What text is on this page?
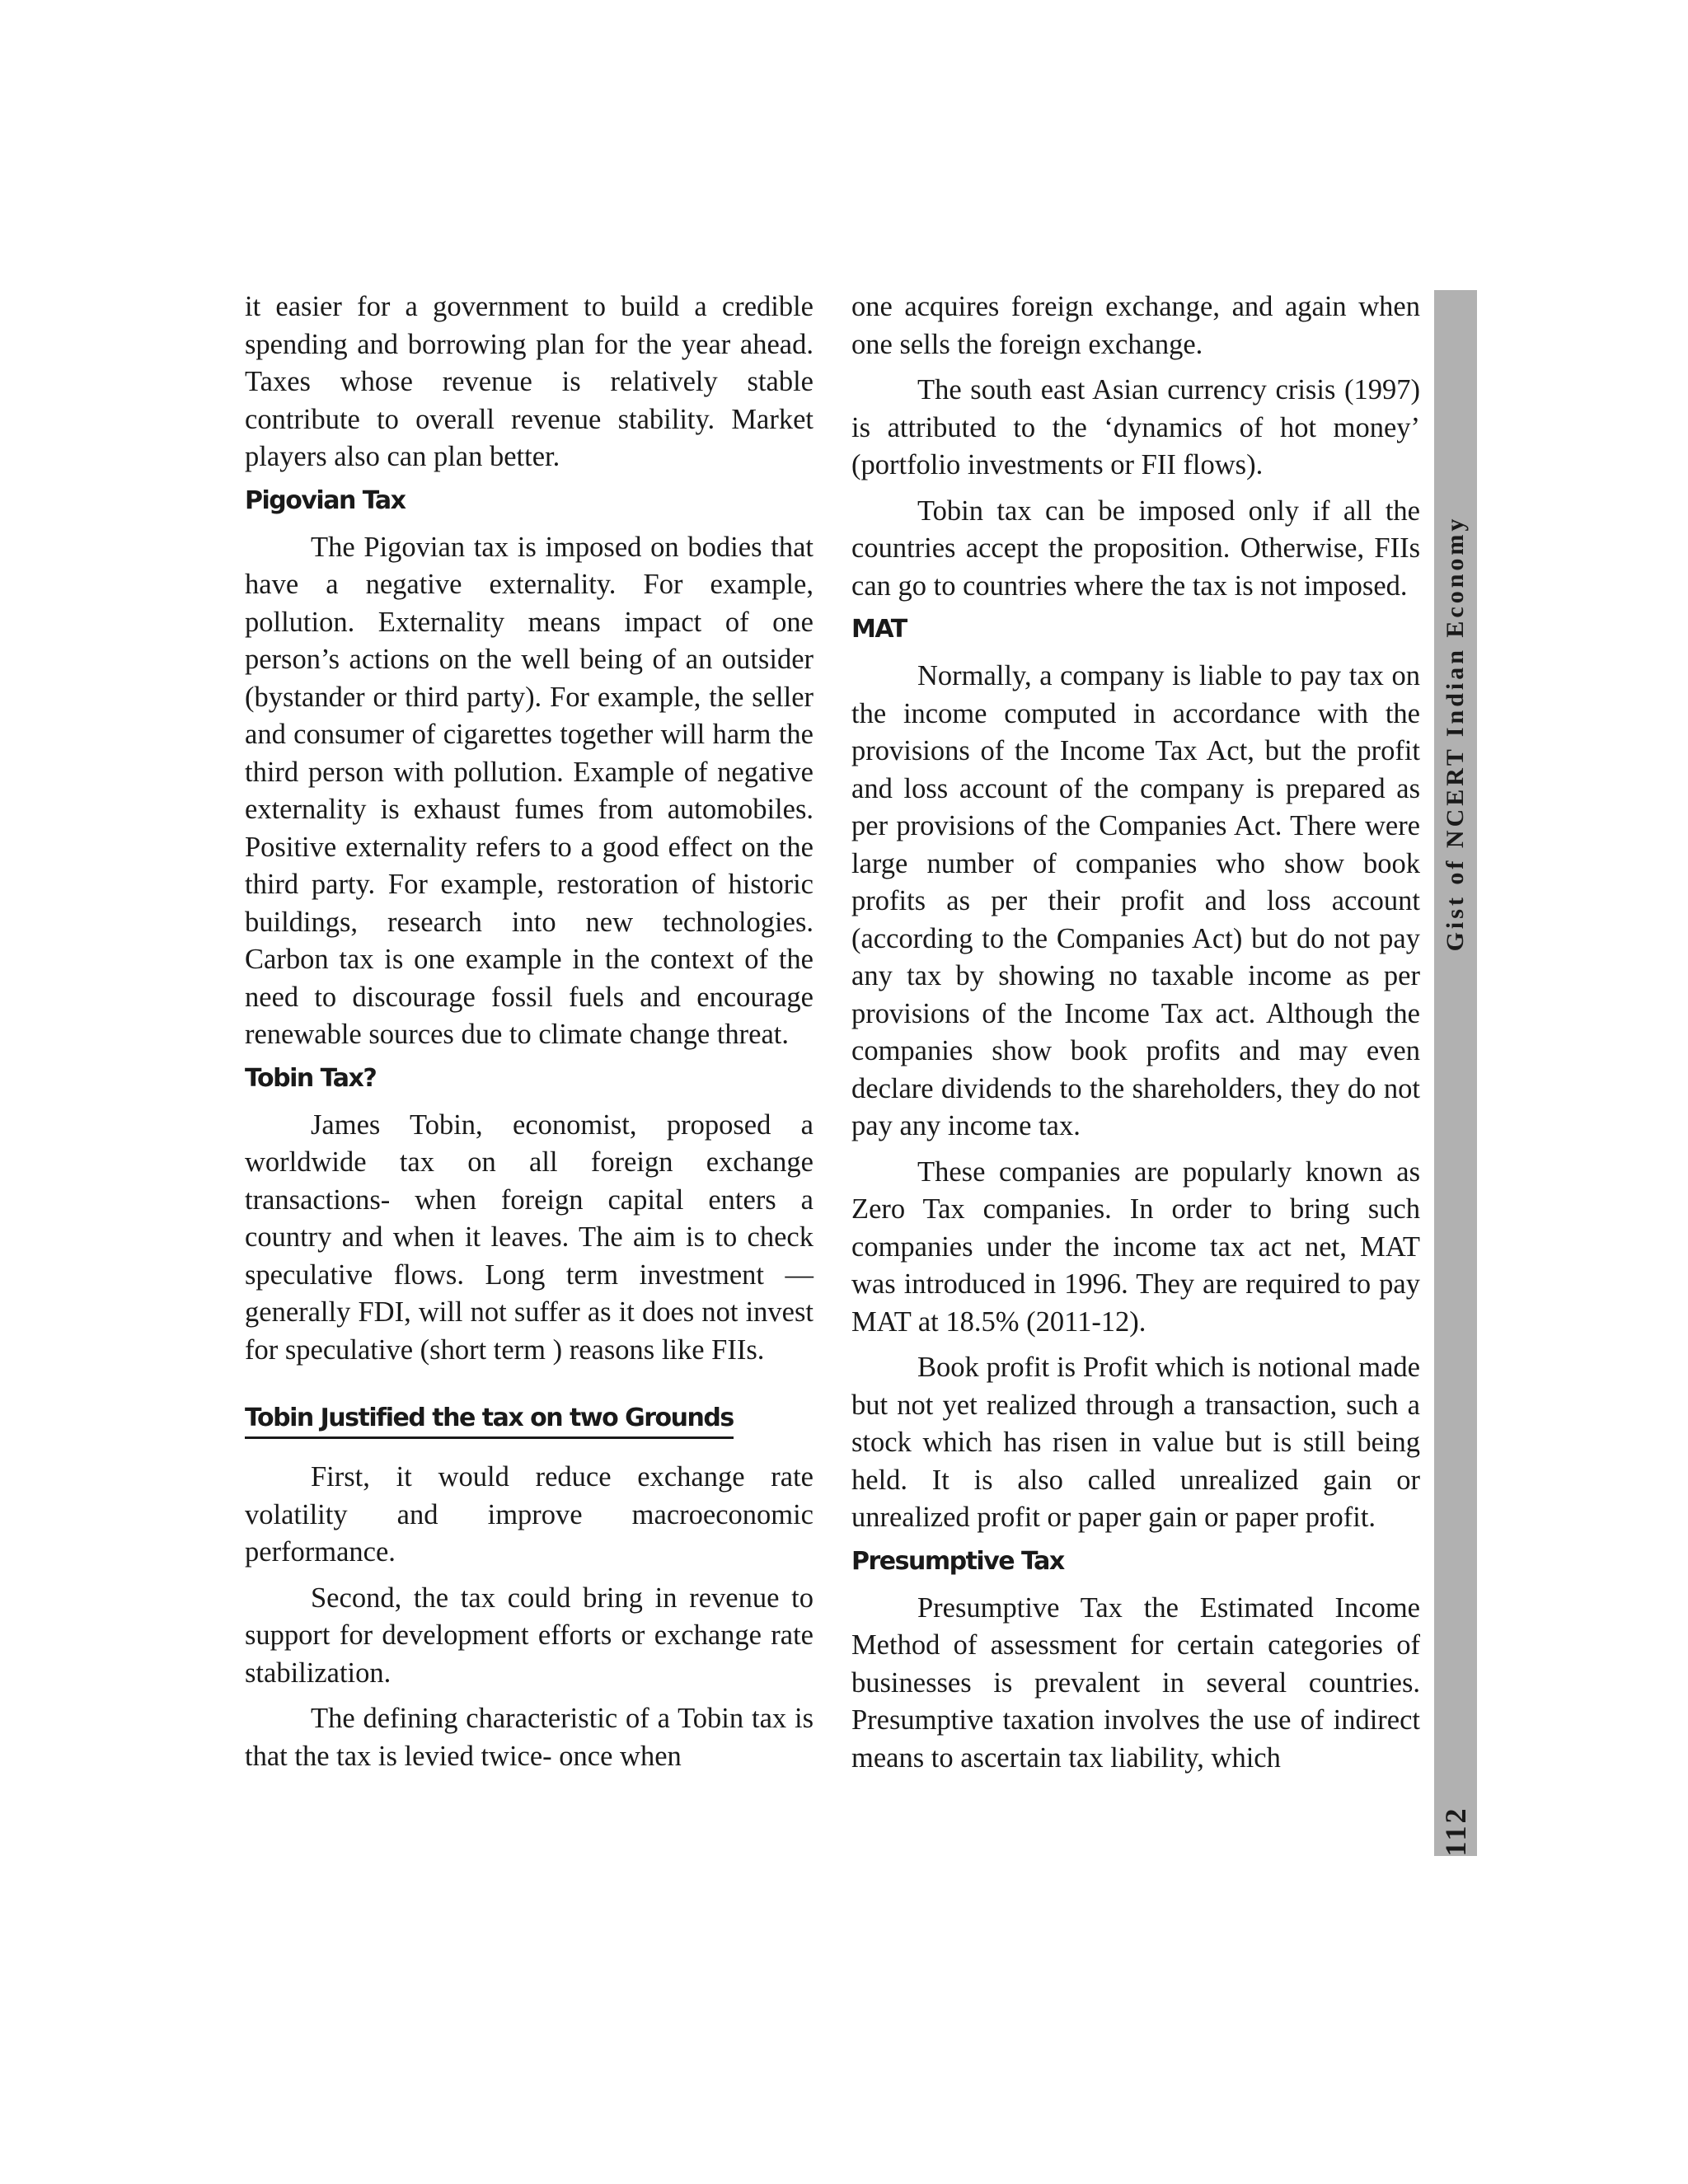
it easier for a government to build a credible spending and borrowing plan for the year ahead. Taxes whose revenue is relatively stable contribute to overall revenue stability. Market players also can plan better.

Pigovian Tax

The Pigovian tax is imposed on bodies that have a negative externality. For example, pollution. Externality means impact of one person’s actions on the well being of an outsider (bystander or third party). For example, the seller and consumer of cigarettes together will harm the third person with pollution. Example of negative externality is exhaust fumes from automobiles. Positive externality refers to a good effect on the third party. For example, restoration of historic buildings, research into new technologies. Carbon tax is one example in the context of the need to discourage fossil fuels and encourage renewable sources due to climate change threat.

Tobin Tax?

James Tobin, economist, proposed a worldwide tax on all foreign exchange transactions- when foreign capital enters a country and when it leaves. The aim is to check speculative flows. Long term investment — generally FDI, will not suffer as it does not invest for speculative (short term ) reasons like FIIs.

Tobin Justified the tax on two Grounds

First, it would reduce exchange rate volatility and improve macroeconomic performance.

Second, the tax could bring in revenue to support for development efforts or exchange rate stabilization.

The defining characteristic of a Tobin tax is that the tax is levied twice- once when

one acquires foreign exchange, and again when one sells the foreign exchange.

The south east Asian currency crisis (1997) is attributed to the ‘dynamics of hot money’ (portfolio investments or FII flows).

Tobin tax can be imposed only if all the countries accept the proposition. Otherwise, FIIs can go to countries where the tax is not imposed.

MAT

Normally, a company is liable to pay tax on the income computed in accordance with the provisions of the Income Tax Act, but the profit and loss account of the company is prepared as per provisions of the Companies Act. There were large number of companies who show book profits as per their profit and loss account (according to the Companies Act) but do not pay any tax by showing no taxable income as per provisions of the Income Tax act. Although the companies show book profits and may even declare dividends to the shareholders, they do not pay any income tax.

These companies are popularly known as Zero Tax companies. In order to bring such companies under the income tax act net, MAT was introduced in 1996. They are required to pay MAT at 18.5% (2011-12).

Book profit is Profit which is notional made but not yet realized through a transaction, such a stock which has risen in value but is still being held. It is also called unrealized gain or unrealized profit or paper gain or paper profit.

Presumptive Tax

Presumptive Tax the Estimated Income Method of assessment for certain categories of businesses is prevalent in several countries. Presumptive taxation involves the use of indirect means to ascertain tax liability, which

Gist of NCERT Indian Economy
112
